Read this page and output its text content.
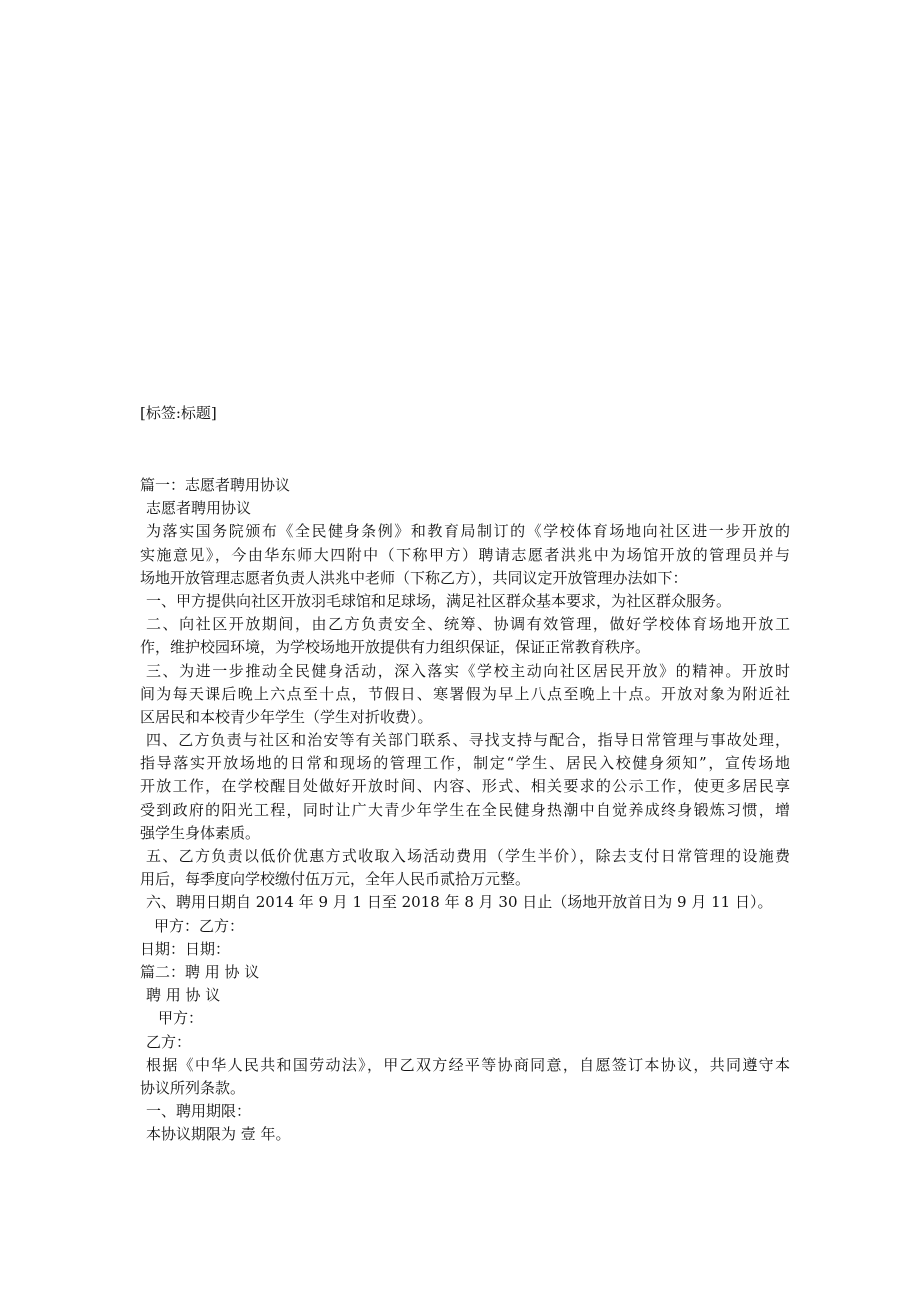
[标签:标题]
篇一：志愿者聘用协议
志愿者聘用协议
为落实国务院颁布《全民健身条例》和教育局制订的《学校体育场地向社区进一步开放的
实施意见》，今由华东师大四附中（下称甲方）聘请志愿者洪兆中为场馆开放的管理员并与
场地开放管理志愿者负责人洪兆中老师（下称乙方），共同议定开放管理办法如下：
一、甲方提供向社区开放羽毛球馆和足球场，满足社区群众基本要求，为社区群众服务。
二、向社区开放期间，由乙方负责安全、统筹、协调有效管理，做好学校体育场地开放工
作，维护校园环境，为学校场地开放提供有力组织保证，保证正常教育秩序。
三、为进一步推动全民健身活动，深入落实《学校主动向社区居民开放》的精神。开放时
间为每天课后晚上六点至十点，节假日、寒署假为早上八点至晚上十点。开放对象为附近社
区居民和本校青少年学生（学生对折收费）。
四、乙方负责与社区和治安等有关部门联系、寻找支持与配合，指导日常管理与事故处理，
指导落实开放场地的日常和现场的管理工作，制定“学生、居民入校健身须知”，宣传场地
开放工作，在学校醒目处做好开放时间、内容、形式、相关要求的公示工作，使更多居民享
受到政府的阳光工程，同时让广大青少年学生在全民健身热潮中自觉养成终身锻炼习惯，增
强学生身体素质。
五、乙方负责以低价优惠方式收取入场活动费用（学生半价），除去支付日常管理的设施费
用后，每季度向学校缴付伍万元，全年人民币贰拾万元整。
六、聘用日期自 2014 年 9 月 1 日至 2018 年 8 月 30 日止（场地开放首日为 9 月 11 日）。
甲方：乙方：
日期：日期：
篇二：聘 用 协 议
聘 用 协 议
甲方：
乙方：
根据《中华人民共和国劳动法》，甲乙双方经平等协商同意，自愿签订本协议，共同遵守本
协议所列条款。
一、聘用期限：
本协议期限为 壹 年。
